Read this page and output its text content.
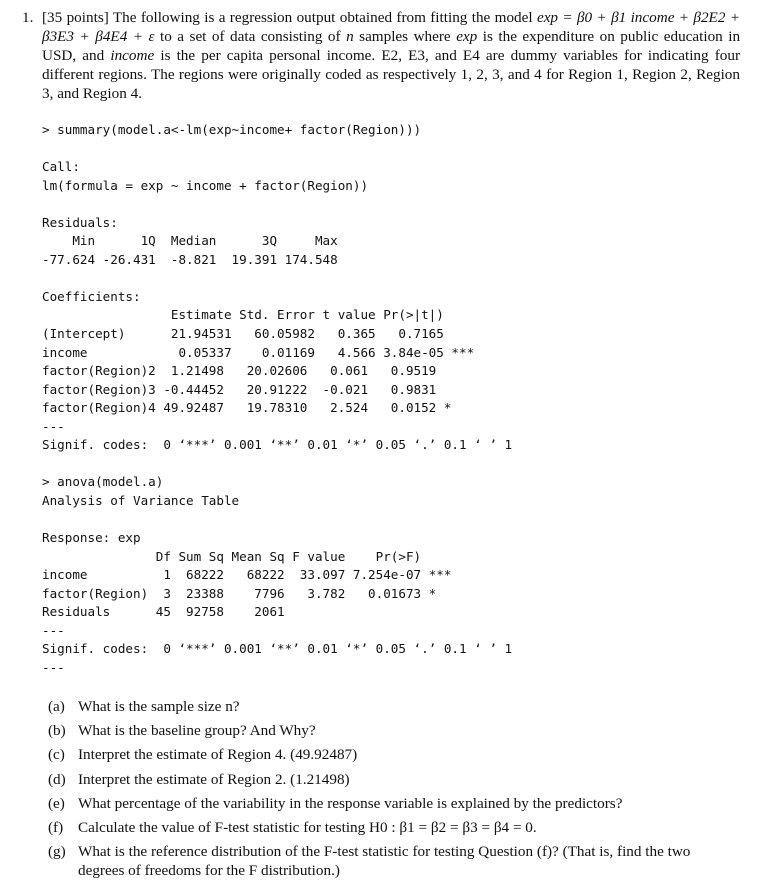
1. [35 points] The following is a regression output obtained from fitting the model exp = β0 + β1 income + β2E2 + β3E3 + β4E4 + ε to a set of data consisting of n samples where exp is the expenditure on public education in USD, and income is the per capita personal income. E2, E3, and E4 are dummy variables for indicating four different regions. The regions were originally coded as respectively 1, 2, 3, and 4 for Region 1, Region 2, Region 3, and Region 4.
> summary(model.a<-lm(exp~income+ factor(Region)))
Call:
lm(formula = exp ~ income + factor(Region))
Residuals:
Min      1Q  Median      3Q     Max
-77.624 -26.431  -8.821  19.391 174.548
Coefficients:
Estimate Std. Error t value Pr(>|t|)
(Intercept)      21.94531   60.05982   0.365   0.7165
income            0.05337    0.01169   4.566 3.84e-05 ***
factor(Region)2  1.21498   20.02606   0.061   0.9519
factor(Region)3 -0.44452   20.91222  -0.021   0.9831
factor(Region)4 49.92487   19.78310   2.524   0.0152 *
---
Signif. codes:  0 ‘***’ 0.001 ‘**’ 0.01 ‘*’ 0.05 ‘.’ 0.1 ‘ ’ 1
> anova(model.a)
Analysis of Variance Table
Response: exp
Df Sum Sq Mean Sq F value    Pr(>F)
income          1  68222   68222  33.097 7.254e-07 ***
factor(Region)  3  23388    7796   3.782   0.01673 *
Residuals      45  92758    2061
---
Signif. codes:  0 ‘***’ 0.001 ‘**’ 0.01 ‘*’ 0.05 ‘.’ 0.1 ‘ ’ 1
---
(a) What is the sample size n?
(b) What is the baseline group? And Why?
(c) Interpret the estimate of Region 4. (49.92487)
(d) Interpret the estimate of Region 2. (1.21498)
(e) What percentage of the variability in the response variable is explained by the predictors?
(f) Calculate the value of F-test statistic for testing H0 : β1 = β2 = β3 = β4 = 0.
(g) What is the reference distribution of the F-test statistic for testing Question (f)? (That is, find the two degrees of freedoms for the F distribution.)
